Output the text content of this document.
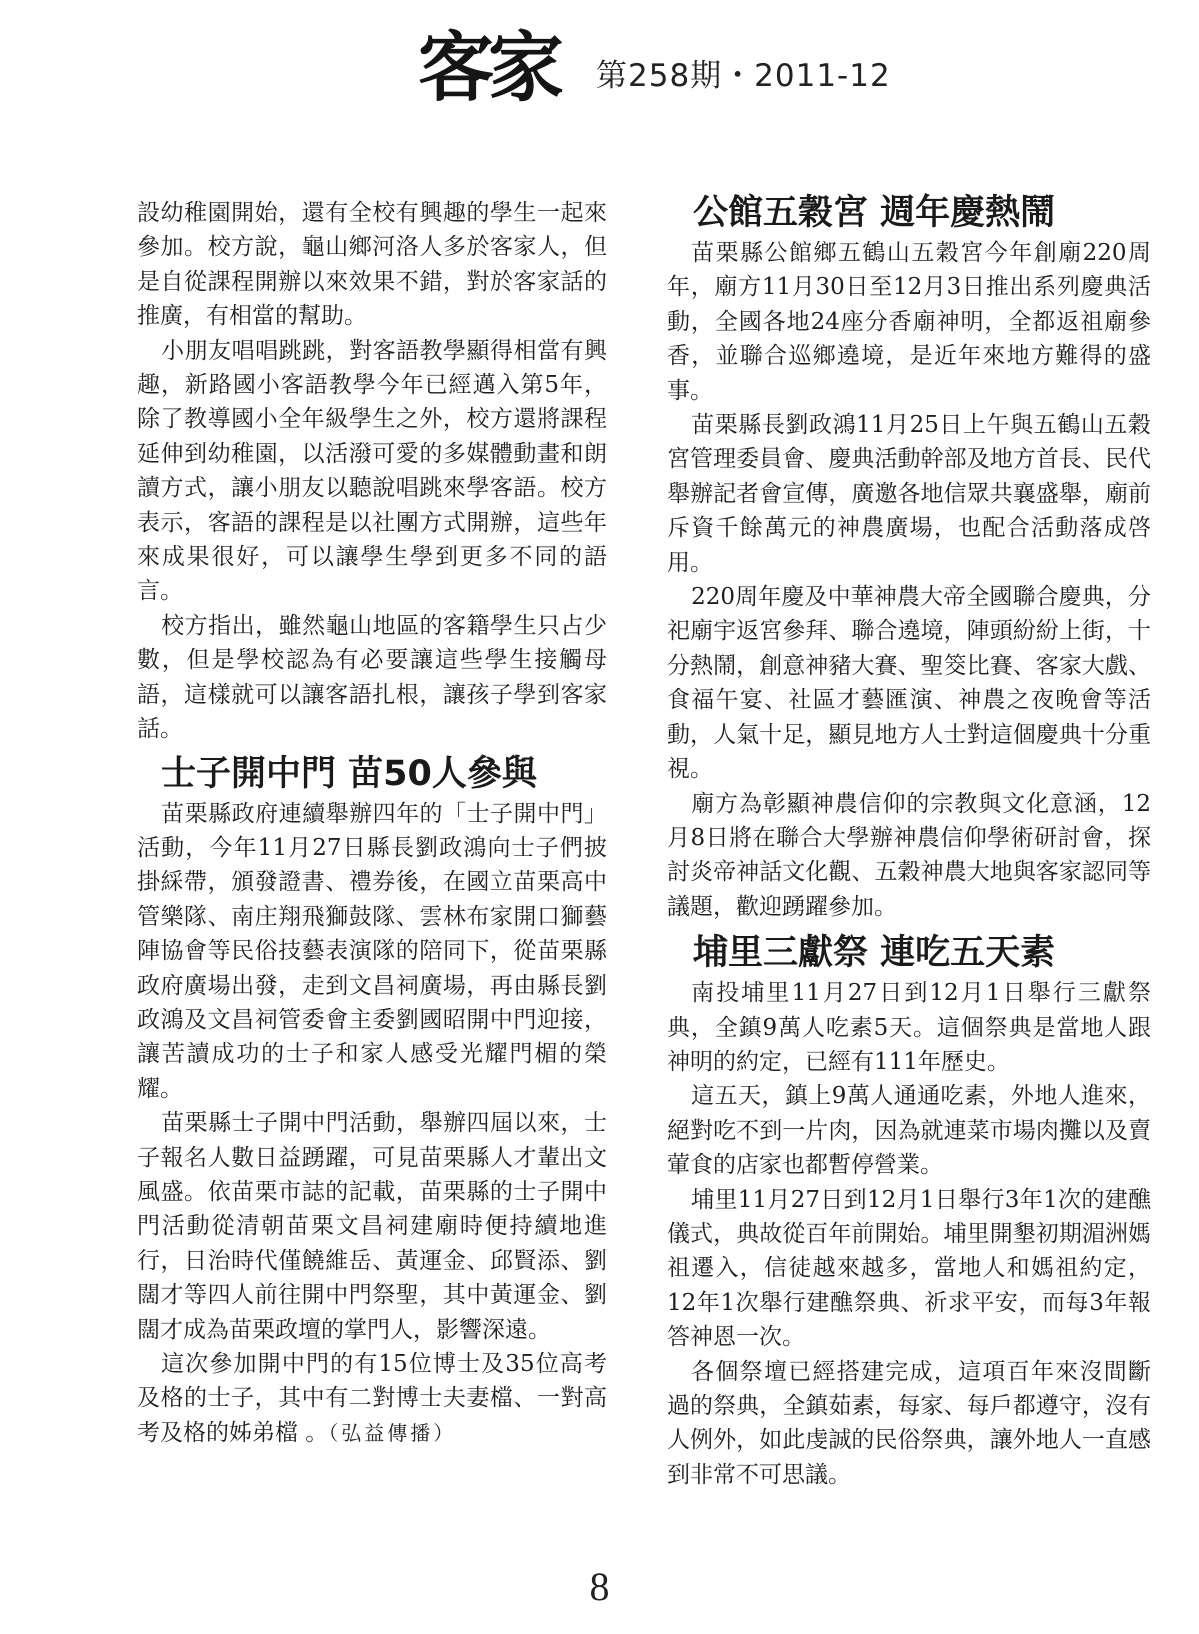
客家 第258期・2011-12

設幼稚園開始，還有全校有興趣的學生一起來參加。校方說，龜山鄉河洛人多於客家人，但是自從課程開辦以來效果不錯，對於客家話的推廣，有相當的幫助。

小朋友唱唱跳跳，對客語教學顯得相當有興趣，新路國小客語教學今年已經邁入第5年，除了教導國小全年級學生之外，校方還將課程延伸到幼稚園，以活潑可愛的多媒體動畫和朗讀方式，讓小朋友以聽說唱跳來學客語。校方表示，客語的課程是以社團方式開辦，這些年來成果很好，可以讓學生學到更多不同的語言。

校方指出，雖然龜山地區的客籍學生只占少數，但是學校認為有必要讓這些學生接觸母語，這樣就可以讓客語扎根，讓孩子學到客家話。

士子開中門 苗50人參與

苗栗縣政府連續舉辦四年的「士子開中門」活動，今年11月27日縣長劉政鴻向士子們披掛綵帶，頒發證書、禮券後，在國立苗栗高中管樂隊、南庄翔飛獅鼓隊、雲林布家開口獅藝陣協會等民俗技藝表演隊的陪同下，從苗栗縣政府廣場出發，走到文昌祠廣場，再由縣長劉政鴻及文昌祠管委會主委劉國昭開中門迎接，讓苦讀成功的士子和家人感受光耀門楣的榮耀。

苗栗縣士子開中門活動，舉辦四屆以來，士子報名人數日益踴躍，可見苗栗縣人才輩出文風盛。依苗栗市誌的記載，苗栗縣的士子開中門活動從清朝苗栗文昌祠建廟時便持續地進行，日治時代僅饒維岳、黃運金、邱賢添、劉闊才等四人前往開中門祭聖，其中黃運金、劉闊才成為苗栗政壇的掌門人，影響深遠。

這次參加開中門的有15位博士及35位高考及格的士子，其中有二對博士夫妻檔、一對高考及格的姊弟檔 。（弘益傳播）

公館五穀宮 週年慶熱鬧

苗栗縣公館鄉五鶴山五穀宮今年創廟220周年，廟方11月30日至12月3日推出系列慶典活動，全國各地24座分香廟神明，全都返祖廟參香，並聯合巡鄉遶境，是近年來地方難得的盛事。

苗栗縣長劉政鴻11月25日上午與五鶴山五穀宮管理委員會、慶典活動幹部及地方首長、民代舉辦記者會宣傳，廣邀各地信眾共襄盛舉，廟前斥資千餘萬元的神農廣場，也配合活動落成啓用。

220周年慶及中華神農大帝全國聯合慶典，分祀廟宇返宮參拜、聯合遶境，陣頭紛紛上街，十分熱鬧，創意神豬大賽、聖筊比賽、客家大戲、食福午宴、社區才藝匯演、神農之夜晚會等活動，人氣十足，顯見地方人士對這個慶典十分重視。

廟方為彰顯神農信仰的宗教與文化意涵，12月8日將在聯合大學辦神農信仰學術研討會，探討炎帝神話文化觀、五穀神農大地與客家認同等議題，歡迎踴躍參加。

埔里三獻祭 連吃五天素

南投埔里11月27日到12月1日舉行三獻祭典，全鎮9萬人吃素5天。這個祭典是當地人跟神明的約定，已經有111年歷史。

這五天，鎮上9萬人通通吃素，外地人進來，絕對吃不到一片肉，因為就連菜市場肉攤以及賣葷食的店家也都暫停營業。

埔里11月27日到12月1日舉行3年1次的建醮儀式，典故從百年前開始。埔里開墾初期湄洲媽祖遷入，信徒越來越多，當地人和媽祖約定，12年1次舉行建醮祭典、祈求平安，而每3年報答神恩一次。

各個祭壇已經搭建完成，這項百年來沒間斷過的祭典，全鎮茹素，每家、每戶都遵守，沒有人例外，如此虔誠的民俗祭典，讓外地人一直感到非常不可思議。

8
